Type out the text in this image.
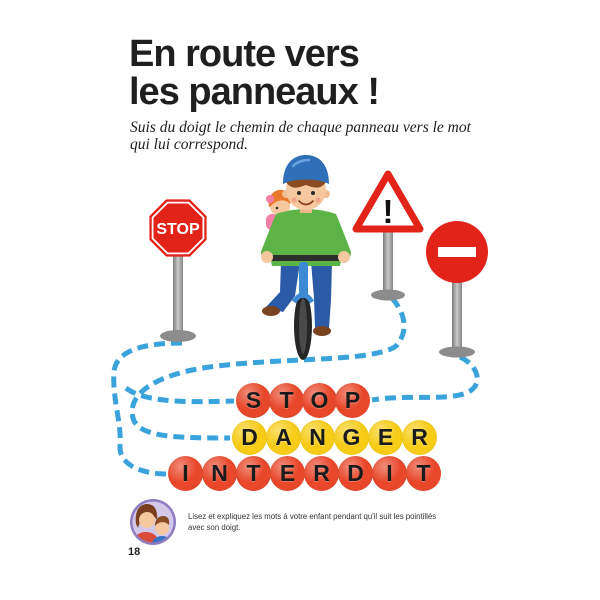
STOP	!
En route vers
les panneaux !
Suis du doigt le chemin de chaque panneau vers le mot
qui lui correspond.
S T O P
D A N G E R
I N T E R D I	T
Lisez et expliquez les mots à votre enfant pendant qu'il suit les pointillés
avec son doigt.
18
